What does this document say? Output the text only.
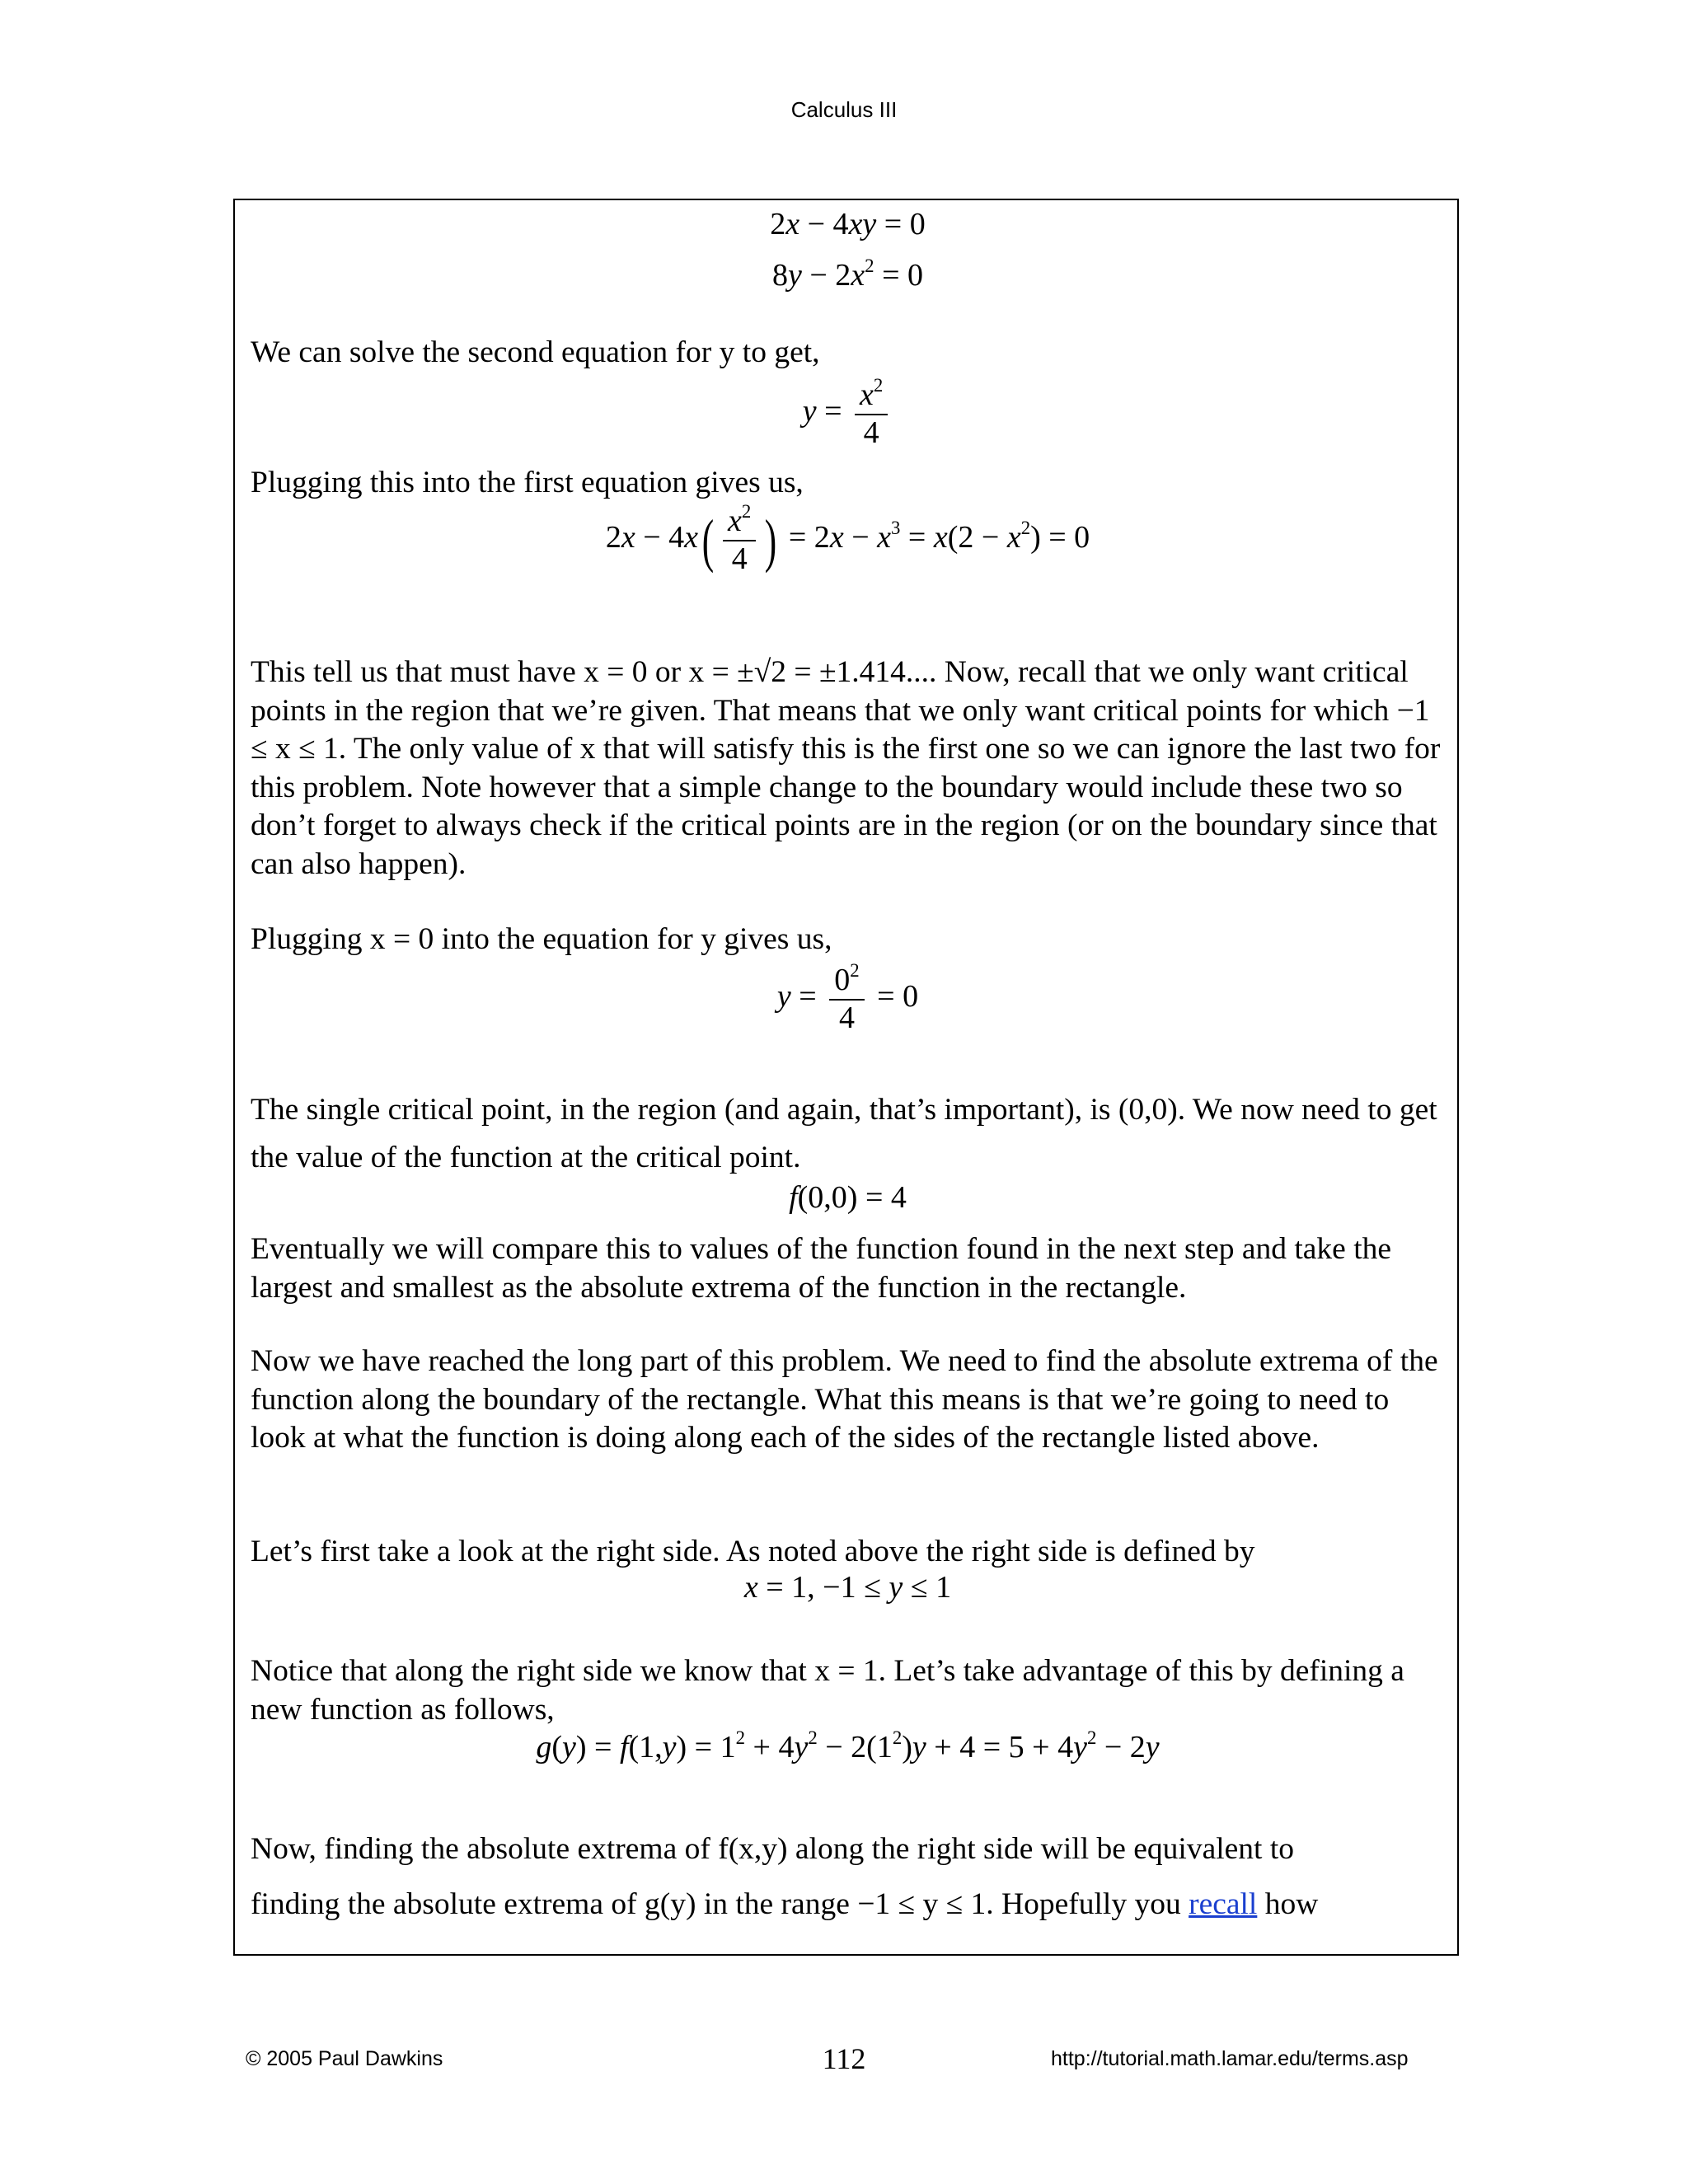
Calculus III
2x − 4xy = 0
$8y - 2x^2 = 0$

We can solve the second equation for y to get,

$y = \frac{x^2}{4}$

Plugging this into the first equation gives us,

$2x - 4x( \frac{x^2}{4}$ ) = $2x - x^3 = x(2 - x^2) = 0$

This tell us that must have x = 0 or x = ±√2 = ±1.414.... Now, recall that we only want critical points in the region that we’re given. That means that we only want critical points for which −1 ≤ x ≤ 1. The only value of x that will satisfy this is the first one so we can ignore the last two for this problem. Note however that a simple change to the boundary would include these two so don’t forget to always check if the critical points are in the region (or on the boundary since that can also happen).

Plugging x = 0 into the equation for y gives us,

$y = \frac{0^2}{4} = 0$

The single critical point, in the region (and again, that’s important), is (0,0). We now need to get the value of the function at the critical point.

f(0,0) = 4

Eventually we will compare this to values of the function found in the next step and take the largest and smallest as the absolute extrema of the function in the rectangle.

Now we have reached the long part of this problem. We need to find the absolute extrema of the function along the boundary of the rectangle. What this means is that we’re going to need to look at what the function is doing along each of the sides of the rectangle listed above.

Let’s first take a look at the right side. As noted above the right side is defined by

x = 1, −1 ≤ y ≤ 1

Notice that along the right side we know that x = 1. Let’s take advantage of this by defining a new function as follows,

$g(y) = f(1,y) = 1^2 + 4y^2 - 2(1^2)y + 4 = 5 + 4y^2 - 2y$

Now, finding the absolute extrema of f(x,y) along the right side will be equivalent to

finding the absolute extrema of g(y) in the range −1 ≤ y ≤ 1. Hopefully you recall how

© 2005 Paul Dawkins	112	http://tutorial.math.lamar.edu/terms.asp
